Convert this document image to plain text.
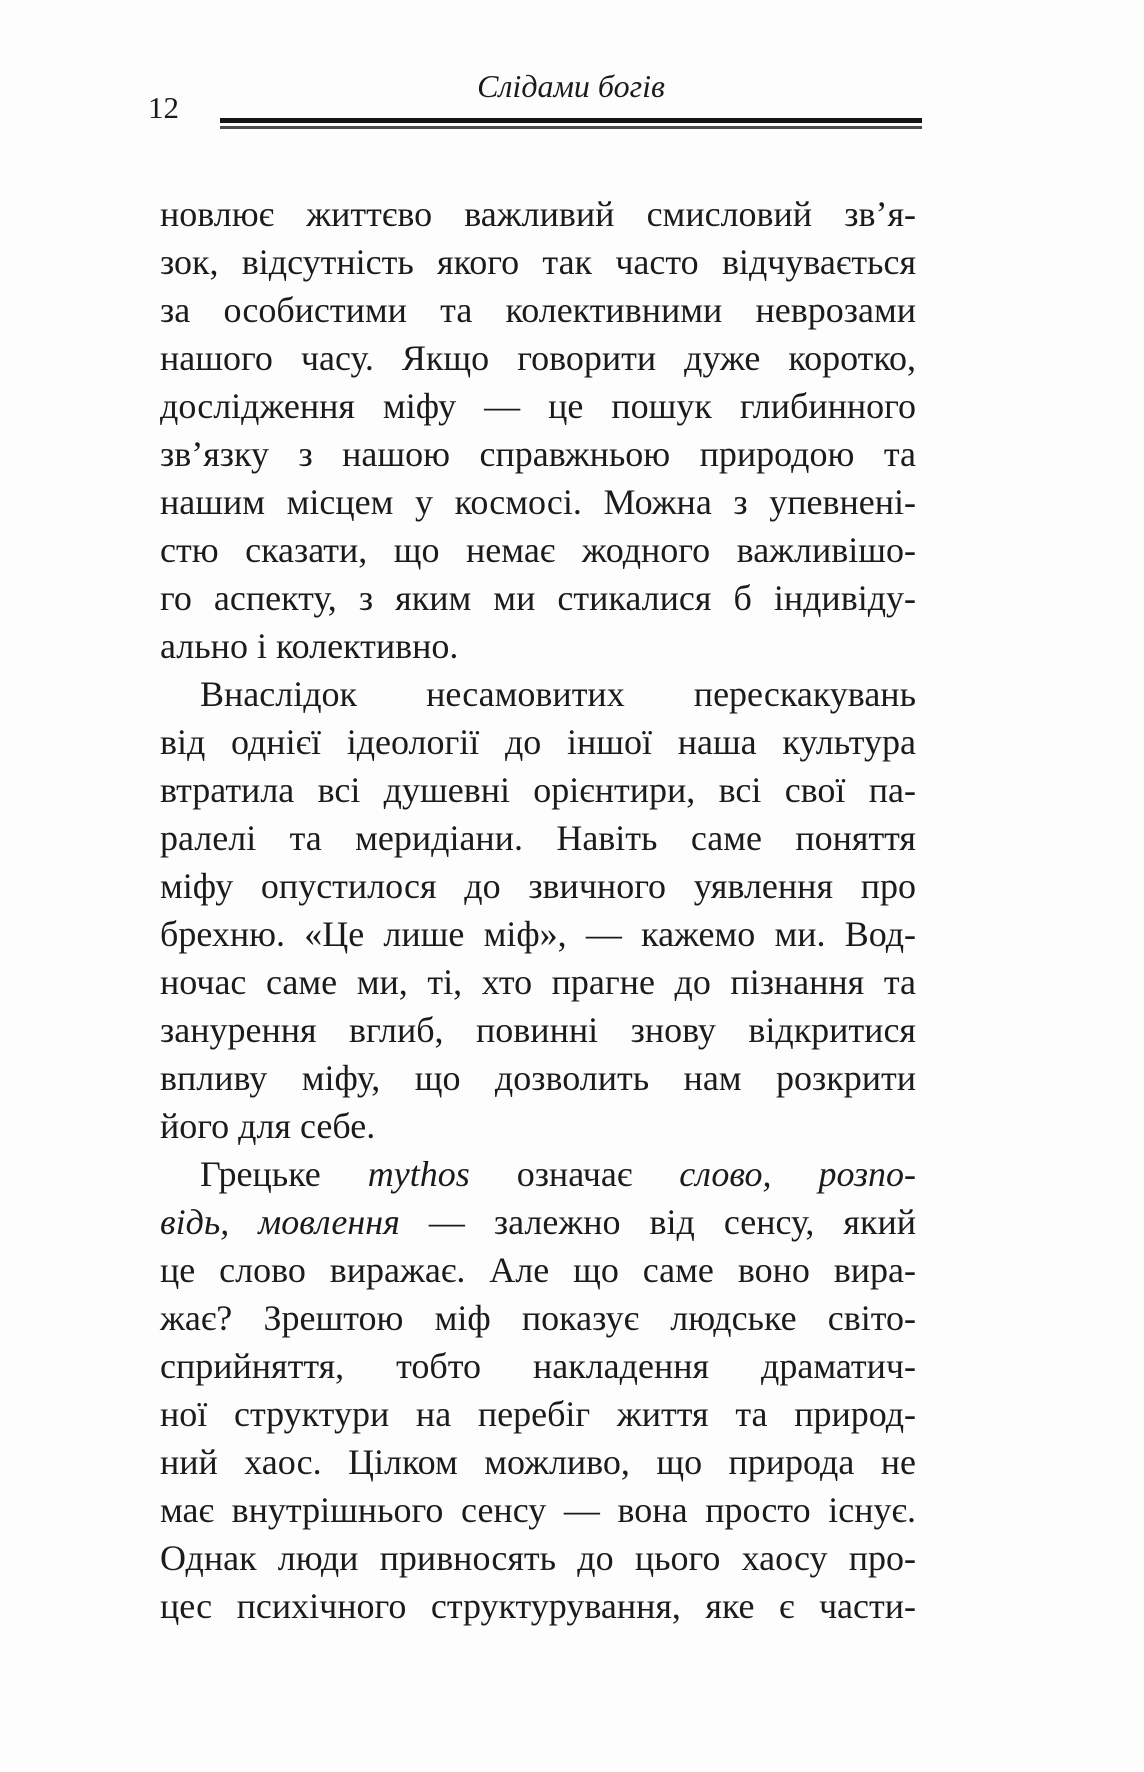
12
Слідами богів
новлює життєво важливий смисловий зв’я-
зок, відсутність якого так часто відчувається
за особистими та колективними неврозами
нашого часу. Якщо говорити дуже коротко,
дослідження міфу — це пошук глибинного
зв’язку з нашою справжньою природою та
нашим місцем у космосі. Можна з упевнені-
стю сказати, що немає жодного важливішо-
го аспекту, з яким ми стикалися б індивіду-
ально і колективно.
Внаслідок несамовитих перескакувань
від однієї ідеології до іншої наша культура
втратила всі душевні орієнтири, всі свої па-
ралелі та меридіани. Навіть саме поняття
міфу опустилося до звичного уявлення про
брехню. «Це лише міф», — кажемо ми. Вод-
ночас саме ми, ті, хто прагне до пізнання та
занурення вглиб, повинні знову відкритися
впливу міфу, що дозволить нам розкрити
його для себе.
Грецьке mythos означає слово, розпо-
відь, мовлення — залежно від сенсу, який
це слово виражає. Але що саме воно вира-
жає? Зрештою міф показує людське світо-
сприйняття, тобто накладення драматич-
ної структури на перебіг життя та природ-
ний хаос. Цілком можливо, що природа не
має внутрішнього сенсу — вона просто існує.
Однак люди привносять до цього хаосу про-
цес психічного структурування, яке є части-
